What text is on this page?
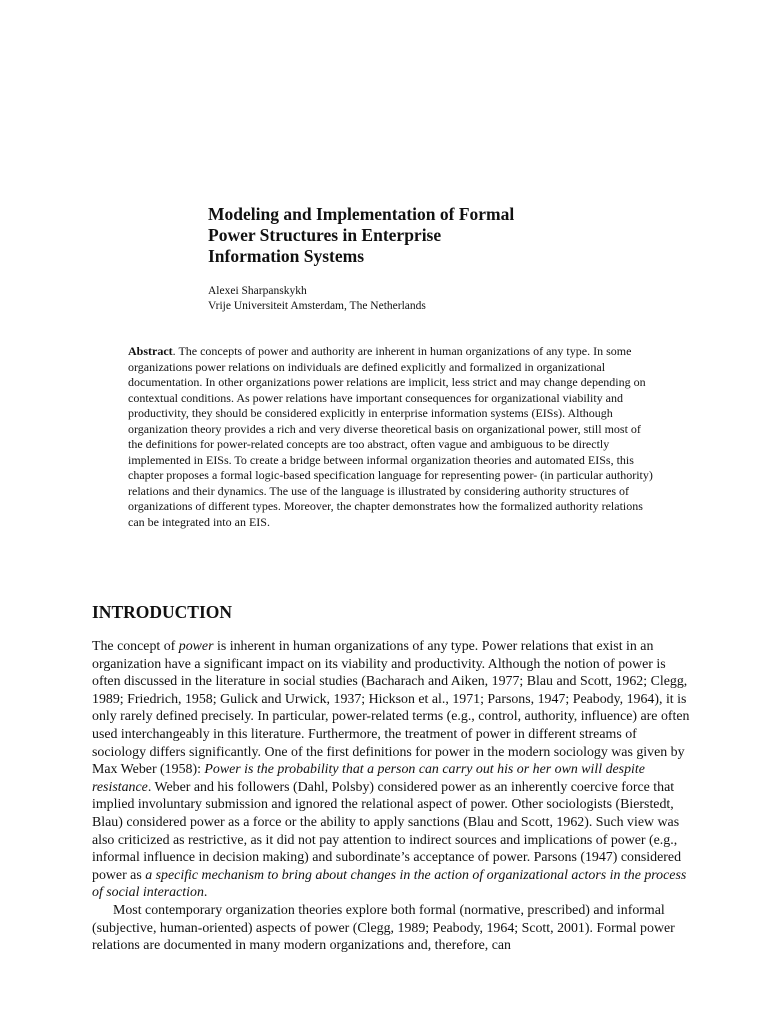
Modeling and Implementation of Formal
Power Structures in Enterprise
Information Systems
Alexei Sharpanskykh
Vrije Universiteit Amsterdam, The Netherlands

Abstract. The concepts of power and authority are inherent in human organizations of any type. In some organizations power relations on individuals are defined explicitly and formalized in organizational documentation. In other organizations power relations are implicit, less strict and may change depending on contextual conditions. As power relations have important consequences for organizational viability and productivity, they should be considered explicitly in enterprise information systems (EISs). Although organization theory provides a rich and very diverse theoretical basis on organizational power, still most of the definitions for power-related concepts are too abstract, often vague and ambiguous to be directly implemented in EISs. To create a bridge between informal organization theories and automated EISs, this chapter proposes a formal logic-based specification language for representing power- (in particular authority) relations and their dynamics. The use of the language is illustrated by considering authority structures of organizations of different types. Moreover, the chapter demonstrates how the formalized authority relations can be integrated into an EIS.

INTRODUCTION

The concept of power is inherent in human organizations of any type. Power relations that exist in an organization have a significant impact on its viability and productivity. Although the notion of power is often discussed in the literature in social studies (Bacharach and Aiken, 1977; Blau and Scott, 1962; Clegg, 1989; Friedrich, 1958; Gulick and Urwick, 1937; Hickson et al., 1971; Parsons, 1947; Peabody, 1964), it is only rarely defined precisely. In particular, power-related terms (e.g., control, authority, influence) are often used interchangeably in this literature. Furthermore, the treatment of power in different streams of sociology differs significantly. One of the first definitions for power in the modern sociology was given by Max Weber (1958): Power is the probability that a person can carry out his or her own will despite resistance. Weber and his followers (Dahl, Polsby) considered power as an inherently coercive force that implied involuntary submission and ignored the relational aspect of power. Other sociologists (Bierstedt, Blau) considered power as a force or the ability to apply sanctions (Blau and Scott, 1962). Such view was also criticized as restrictive, as it did not pay attention to indirect sources and implications of power (e.g., informal influence in decision making) and subordinate’s acceptance of power. Parsons (1947) considered power as a specific mechanism to bring about changes in the action of organizational actors in the process of social interaction.

Most contemporary organization theories explore both formal (normative, prescribed) and informal (subjective, human-oriented) aspects of power (Clegg, 1989; Peabody, 1964; Scott, 2001). Formal power relations are documented in many modern organizations and, therefore, can
